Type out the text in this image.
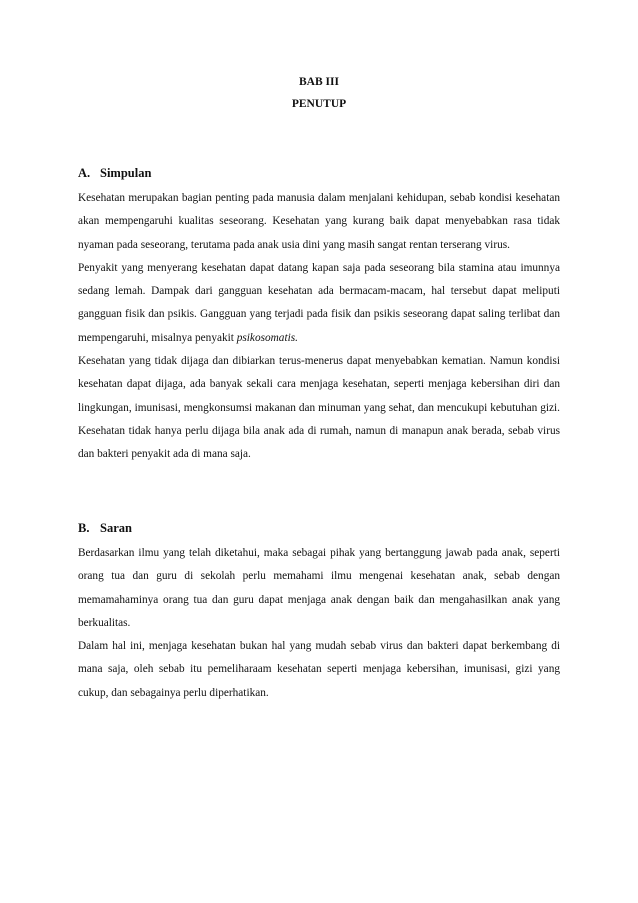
BAB III
PENUTUP
A. Simpulan

Kesehatan merupakan bagian penting pada manusia dalam menjalani kehidupan, sebab kondisi kesehatan akan mempengaruhi kualitas seseorang. Kesehatan yang kurang baik dapat menyebabkan rasa tidak nyaman pada seseorang, terutama pada anak usia dini yang masih sangat rentan terserang virus.

Penyakit yang menyerang kesehatan dapat datang kapan saja pada seseorang bila stamina atau imunnya sedang lemah. Dampak dari gangguan kesehatan ada bermacam-macam, hal tersebut dapat meliputi gangguan fisik dan psikis. Gangguan yang terjadi pada fisik dan psikis seseorang dapat saling terlibat dan mempengaruhi, misalnya penyakit psikosomatis.

Kesehatan yang tidak dijaga dan dibiarkan terus-menerus dapat menyebabkan kematian. Namun kondisi kesehatan dapat dijaga, ada banyak sekali cara menjaga kesehatan, seperti menjaga kebersihan diri dan lingkungan, imunisasi, mengkonsumsi makanan dan minuman yang sehat, dan mencukupi kebutuhan gizi. Kesehatan tidak hanya perlu dijaga bila anak ada di rumah, namun di manapun anak berada, sebab virus dan bakteri penyakit ada di mana saja.

B. Saran

Berdasarkan ilmu yang telah diketahui, maka sebagai pihak yang bertanggung jawab pada anak, seperti orang tua dan guru di sekolah perlu memahami ilmu mengenai kesehatan anak, sebab dengan memamahaminya orang tua dan guru dapat menjaga anak dengan baik dan mengahasilkan anak yang berkualitas.

Dalam hal ini, menjaga kesehatan bukan hal yang mudah sebab virus dan bakteri dapat berkembang di mana saja, oleh sebab itu pemeliharaam kesehatan seperti menjaga kebersihan, imunisasi, gizi yang cukup, dan sebagainya perlu diperhatikan.
